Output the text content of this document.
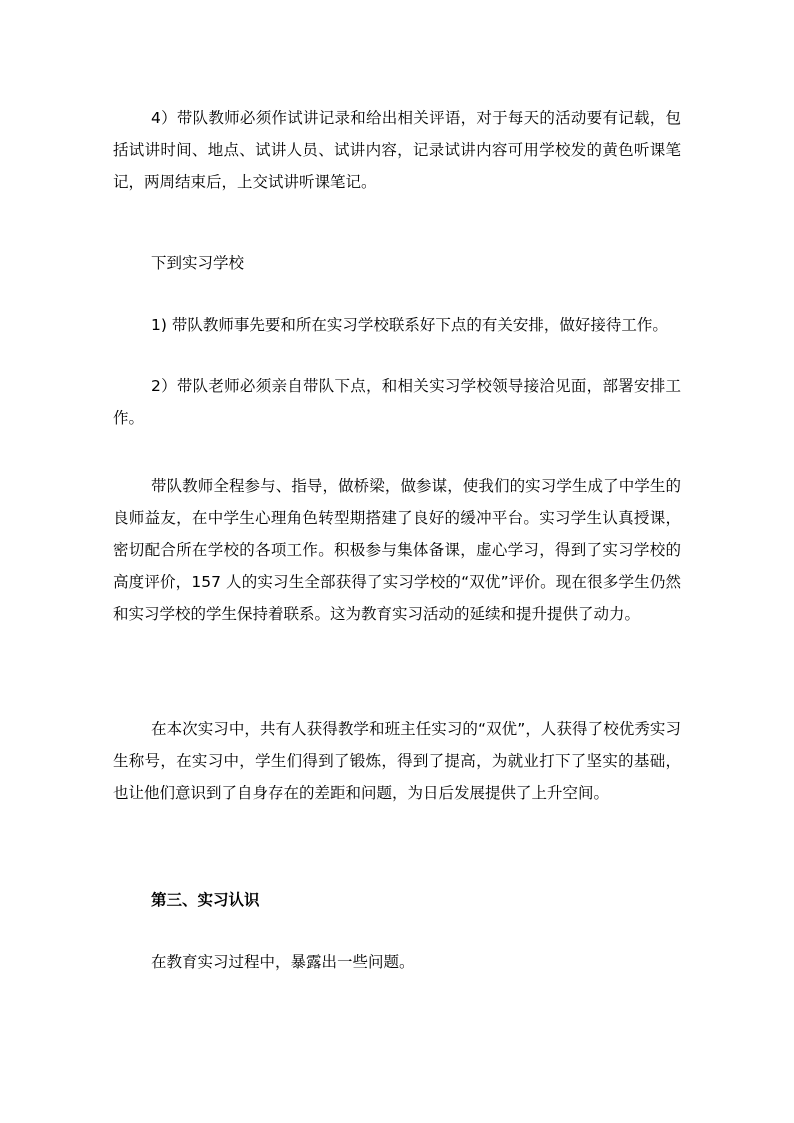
4）带队教师必须作试讲记录和给出相关评语，对于每天的活动要有记载，包括试讲时间、地点、试讲人员、试讲内容，记录试讲内容可用学校发的黄色听课笔记，两周结束后，上交试讲听课笔记。

下到实习学校

1) 带队教师事先要和所在实习学校联系好下点的有关安排，做好接待工作。

2）带队老师必须亲自带队下点，和相关实习学校领导接洽见面，部署安排工作。

带队教师全程参与、指导，做桥梁，做参谋，使我们的实习学生成了中学生的良师益友，在中学生心理角色转型期搭建了良好的缓冲平台。实习学生认真授课，密切配合所在学校的各项工作。积极参与集体备课，虚心学习，得到了实习学校的高度评价，157 人的实习生全部获得了实习学校的“双优”评价。现在很多学生仍然和实习学校的学生保持着联系。这为教育实习活动的延续和提升提供了动力。

在本次实习中，共有人获得教学和班主任实习的“双优”，人获得了校优秀实习生称号，在实习中，学生们得到了锻炼，得到了提高，为就业打下了坚实的基础，也让他们意识到了自身存在的差距和问题，为日后发展提供了上升空间。

第三、实习认识

在教育实习过程中，暴露出一些问题。
